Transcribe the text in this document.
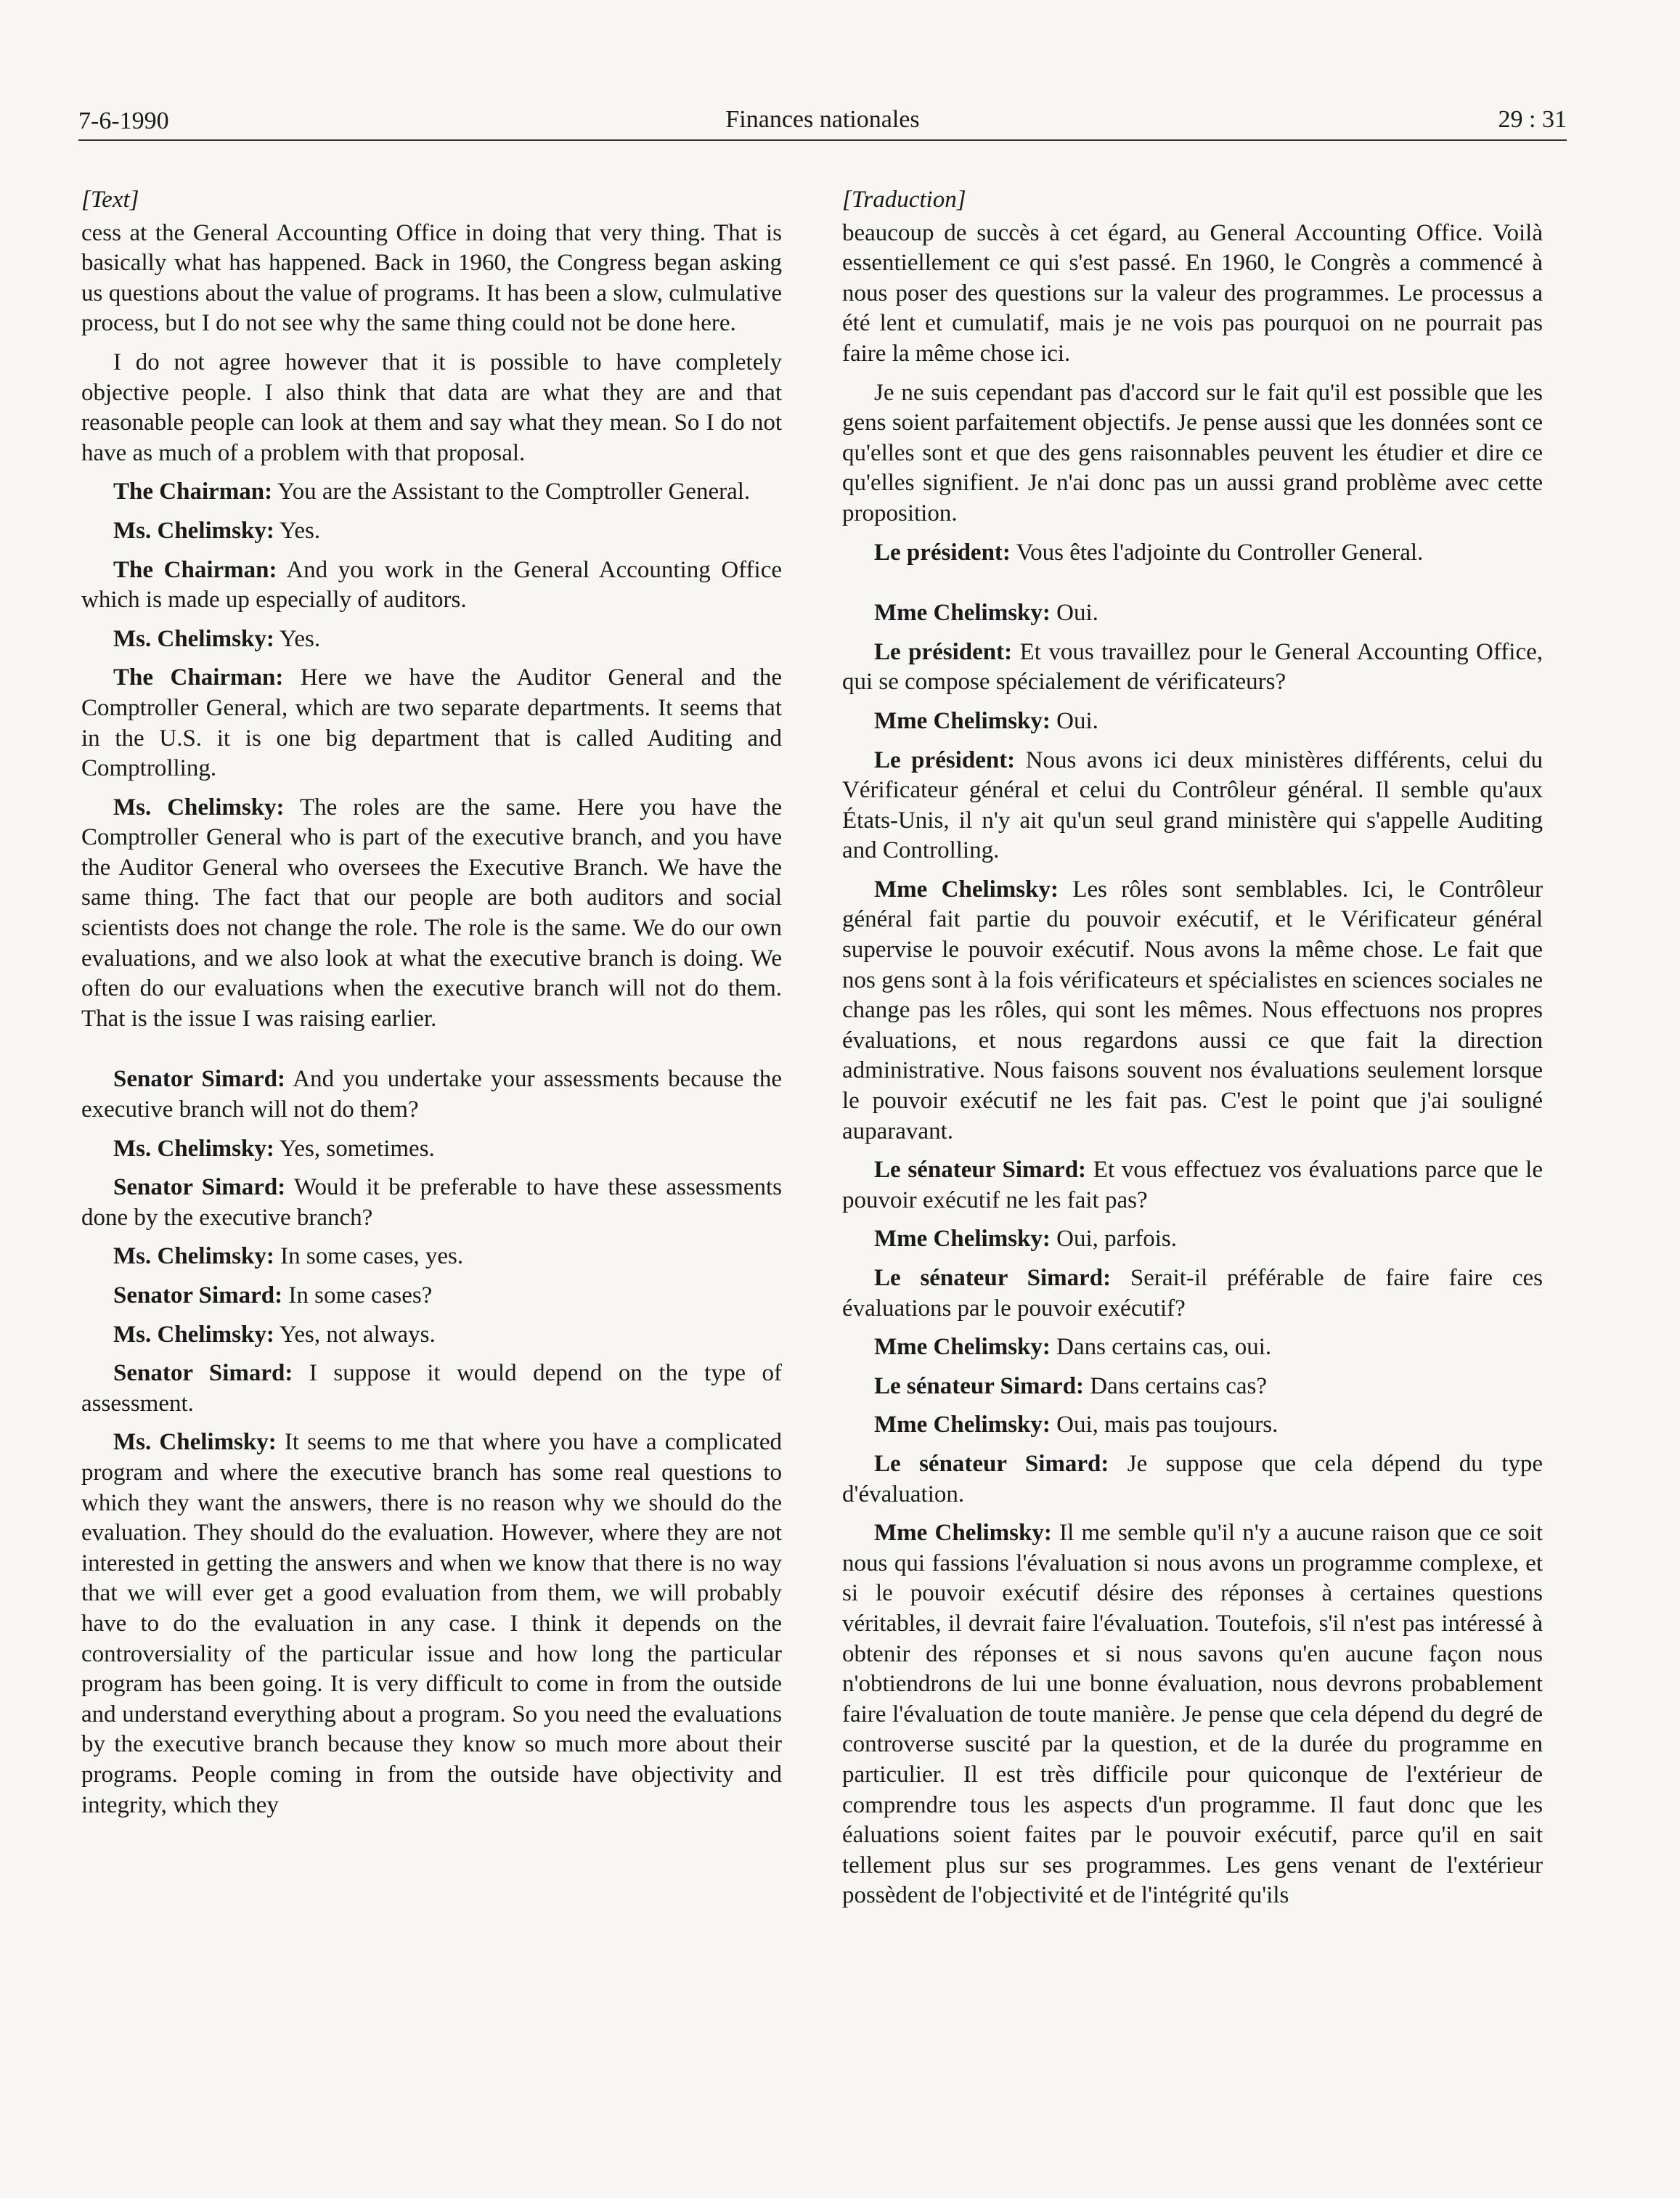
7-6-1990	Finances nationales	29 : 31

[Text]

cess at the General Accounting Office in doing that very thing. That is basically what has happened. Back in 1960, the Congress began asking us questions about the value of programs. It has been a slow, culmulative process, but I do not see why the same thing could not be done here.

I do not agree however that it is possible to have completely objective people. I also think that data are what they are and that reasonable people can look at them and say what they mean. So I do not have as much of a problem with that proposal.

The Chairman: You are the Assistant to the Comptroller General.

Ms. Chelimsky: Yes.

The Chairman: And you work in the General Accounting Office which is made up especially of auditors.

Ms. Chelimsky: Yes.

The Chairman: Here we have the Auditor General and the Comptroller General, which are two separate departments. It seems that in the U.S. it is one big department that is called Auditing and Comptrolling.

Ms. Chelimsky: The roles are the same. Here you have the Comptroller General who is part of the executive branch, and you have the Auditor General who oversees the Executive Branch. We have the same thing. The fact that our people are both auditors and social scientists does not change the role. The role is the same. We do our own evaluations, and we also look at what the executive branch is doing. We often do our evaluations when the executive branch will not do them. That is the issue I was raising earlier.

Senator Simard: And you undertake your assessments because the executive branch will not do them?

Ms. Chelimsky: Yes, sometimes.

Senator Simard: Would it be preferable to have these assessments done by the executive branch?

Ms. Chelimsky: In some cases, yes.

Senator Simard: In some cases?

Ms. Chelimsky: Yes, not always.

Senator Simard: I suppose it would depend on the type of assessment.

Ms. Chelimsky: It seems to me that where you have a complicated program and where the executive branch has some real questions to which they want the answers, there is no reason why we should do the evaluation. They should do the evaluation. However, where they are not interested in getting the answers and when we know that there is no way that we will ever get a good evaluation from them, we will probably have to do the evaluation in any case. I think it depends on the controversiality of the particular issue and how long the particular program has been going. It is very difficult to come in from the outside and understand everything about a program. So you need the evaluations by the executive branch because they know so much more about their programs. People coming in from the outside have objectivity and integrity, which they

[Traduction]

beaucoup de succès à cet égard, au General Accounting Office. Voilà essentiellement ce qui s'est passé. En 1960, le Congrès a commencé à nous poser des questions sur la valeur des programmes. Le processus a été lent et cumulatif, mais je ne vois pas pourquoi on ne pourrait pas faire la même chose ici.

Je ne suis cependant pas d'accord sur le fait qu'il est possible que les gens soient parfaitement objectifs. Je pense aussi que les données sont ce qu'elles sont et que des gens raisonnables peuvent les étudier et dire ce qu'elles signifient. Je n'ai donc pas un aussi grand problème avec cette proposition.

Le président: Vous êtes l'adjointe du Controller General.

Mme Chelimsky: Oui.

Le président: Et vous travaillez pour le General Accounting Office, qui se compose spécialement de vérificateurs?

Mme Chelimsky: Oui.

Le président: Nous avons ici deux ministères différents, celui du Vérificateur général et celui du Contrôleur général. Il semble qu'aux États-Unis, il n'y ait qu'un seul grand ministère qui s'appelle Auditing and Controlling.

Mme Chelimsky: Les rôles sont semblables. Ici, le Contrôleur général fait partie du pouvoir exécutif, et le Vérificateur général supervise le pouvoir exécutif. Nous avons la même chose. Le fait que nos gens sont à la fois vérificateurs et spécialistes en sciences sociales ne change pas les rôles, qui sont les mêmes. Nous effectuons nos propres évaluations, et nous regardons aussi ce que fait la direction administrative. Nous faisons souvent nos évaluations seulement lorsque le pouvoir exécutif ne les fait pas. C'est le point que j'ai souligné auparavant.

Le sénateur Simard: Et vous effectuez vos évaluations parce que le pouvoir exécutif ne les fait pas?

Mme Chelimsky: Oui, parfois.

Le sénateur Simard: Serait-il préférable de faire faire ces évaluations par le pouvoir exécutif?

Mme Chelimsky: Dans certains cas, oui.

Le sénateur Simard: Dans certains cas?

Mme Chelimsky: Oui, mais pas toujours.

Le sénateur Simard: Je suppose que cela dépend du type d'évaluation.

Mme Chelimsky: Il me semble qu'il n'y a aucune raison que ce soit nous qui fassions l'évaluation si nous avons un programme complexe, et si le pouvoir exécutif désire des réponses à certaines questions véritables, il devrait faire l'évaluation. Toutefois, s'il n'est pas intéressé à obtenir des réponses et si nous savons qu'en aucune façon nous n'obtiendrons de lui une bonne évaluation, nous devrons probablement faire l'évaluation de toute manière. Je pense que cela dépend du degré de controverse suscité par la question, et de la durée du programme en particulier. Il est très difficile pour quiconque de l'extérieur de comprendre tous les aspects d'un programme. Il faut donc que les éaluations soient faites par le pouvoir exécutif, parce qu'il en sait tellement plus sur ses programmes. Les gens venant de l'extérieur possèdent de l'objectivité et de l'intégrité qu'ils
